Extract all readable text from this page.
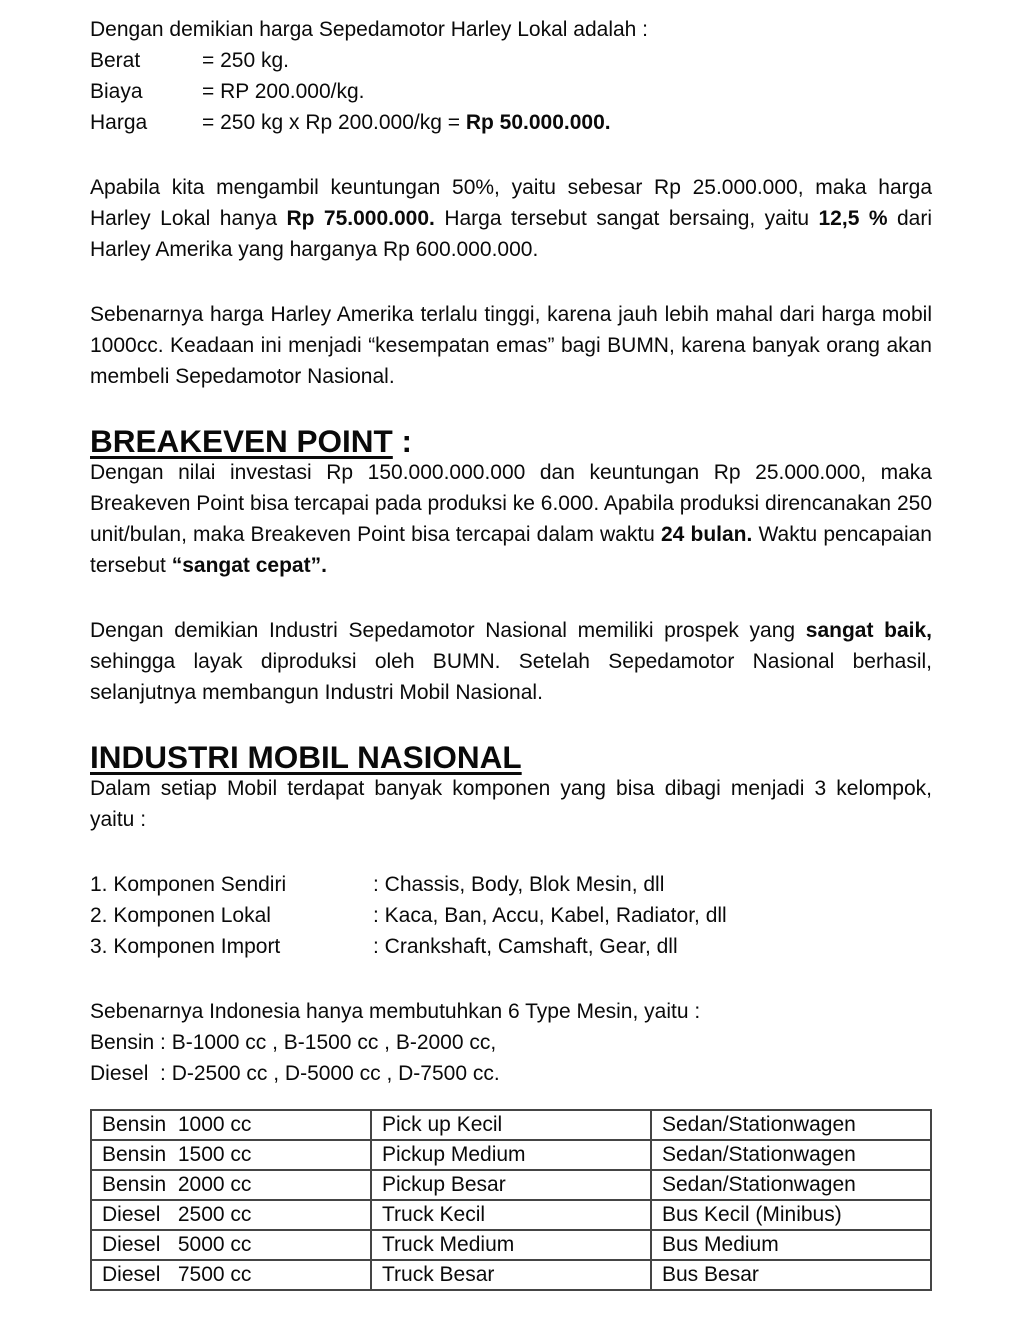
Dengan demikian harga Sepedamotor Harley Lokal adalah :
Berat	= 250 kg.
Biaya	= RP 200.000/kg.
Harga	= 250 kg x Rp 200.000/kg = Rp 50.000.000.

Apabila kita mengambil keuntungan 50%, yaitu sebesar Rp 25.000.000, maka harga Harley Lokal hanya Rp 75.000.000. Harga tersebut sangat bersaing, yaitu 12,5 % dari Harley Amerika yang harganya Rp 600.000.000.

Sebenarnya harga Harley Amerika terlalu tinggi, karena jauh lebih mahal dari harga mobil 1000cc. Keadaan ini menjadi “kesempatan emas” bagi BUMN, karena banyak orang akan membeli Sepedamotor Nasional.

BREAKEVEN POINT :

Dengan nilai investasi Rp 150.000.000.000 dan keuntungan Rp 25.000.000, maka Breakeven Point bisa tercapai pada produksi ke 6.000. Apabila produksi direncanakan 250 unit/bulan, maka Breakeven Point bisa tercapai dalam waktu 24 bulan. Waktu pencapaian tersebut “sangat cepat”.

Dengan demikian Industri Sepedamotor Nasional memiliki prospek yang sangat baik, sehingga layak diproduksi oleh BUMN. Setelah Sepedamotor Nasional berhasil, selanjutnya membangun Industri Mobil Nasional.

INDUSTRI MOBIL NASIONAL

Dalam setiap Mobil terdapat banyak komponen yang bisa dibagi menjadi 3 kelompok, yaitu :

1. Komponen Sendiri	: Chassis, Body, Blok Mesin, dll
2. Komponen Lokal	: Kaca, Ban, Accu, Kabel, Radiator, dll
3. Komponen Import	: Crankshaft, Camshaft, Gear, dll
Sebenarnya Indonesia hanya membutuhkan 6 Type Mesin, yaitu :
Bensin : B-1000 cc , B-1500 cc , B-2000 cc,
Diesel  : D-2500 cc , D-5000 cc , D-7500 cc.
Bensin  1000 cc	Pick up Kecil	Sedan/Stationwagen
Bensin  1500 cc	Pickup Medium	Sedan/Stationwagen
Bensin  2000 cc	Pickup Besar	Sedan/Stationwagen
Diesel   2500 cc	Truck Kecil	Bus Kecil (Minibus)
Diesel   5000 cc	Truck Medium	Bus Medium
Diesel   7500 cc	Truck Besar	Bus Besar
